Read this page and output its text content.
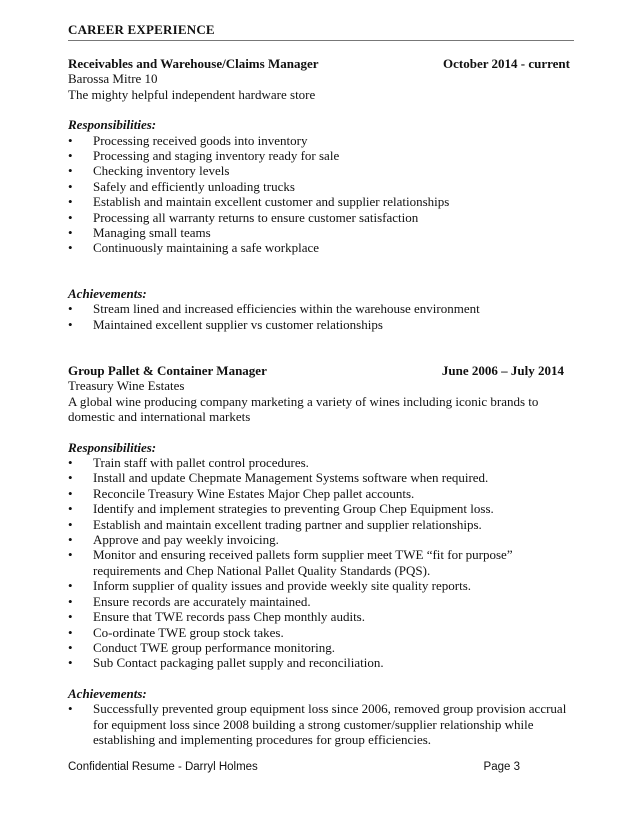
CAREER EXPERIENCE
Receivables and Warehouse/Claims Manager	October 2014 - current
Barossa Mitre 10
The mighty helpful independent hardware store
Responsibilities:
•	Processing received goods into inventory
•	Processing and staging inventory ready for sale
•	Checking inventory levels
•	Safely and efficiently unloading trucks
•	Establish and maintain excellent customer and supplier relationships
•	Processing all warranty returns to ensure customer satisfaction
•	Managing small teams
•	Continuously maintaining a safe workplace
Achievements:
•	Stream lined and increased efficiencies within the warehouse environment
•	Maintained excellent supplier vs customer relationships
Group Pallet & Container Manager	June 2006 – July 2014
Treasury Wine Estates
A global wine producing company marketing a variety of wines including iconic brands to domestic and international markets
Responsibilities:
•	Train staff with pallet control procedures.
•	Install and update Chepmate Management Systems software when required.
•	Reconcile Treasury Wine Estates Major Chep pallet accounts.
•	Identify and implement strategies to preventing Group Chep Equipment loss.
•	Establish and maintain excellent trading partner and supplier relationships.
•	Approve and pay weekly invoicing.
•	Monitor and ensuring received pallets form supplier meet TWE “fit for purpose” requirements and Chep National Pallet Quality Standards (PQS).
•	Inform supplier of quality issues and provide weekly site quality reports.
•	Ensure records are accurately maintained.
•	Ensure that TWE records pass Chep monthly audits.
•	Co-ordinate TWE group stock takes.
•	Conduct TWE group performance monitoring.
•	Sub Contact packaging pallet supply and reconciliation.
Achievements:
•	Successfully prevented group equipment loss since 2006, removed group provision accrual for equipment loss since 2008 building a strong customer/supplier relationship while establishing and implementing procedures for group efficiencies.
Confidential Resume - Darryl Holmes	Page 3
